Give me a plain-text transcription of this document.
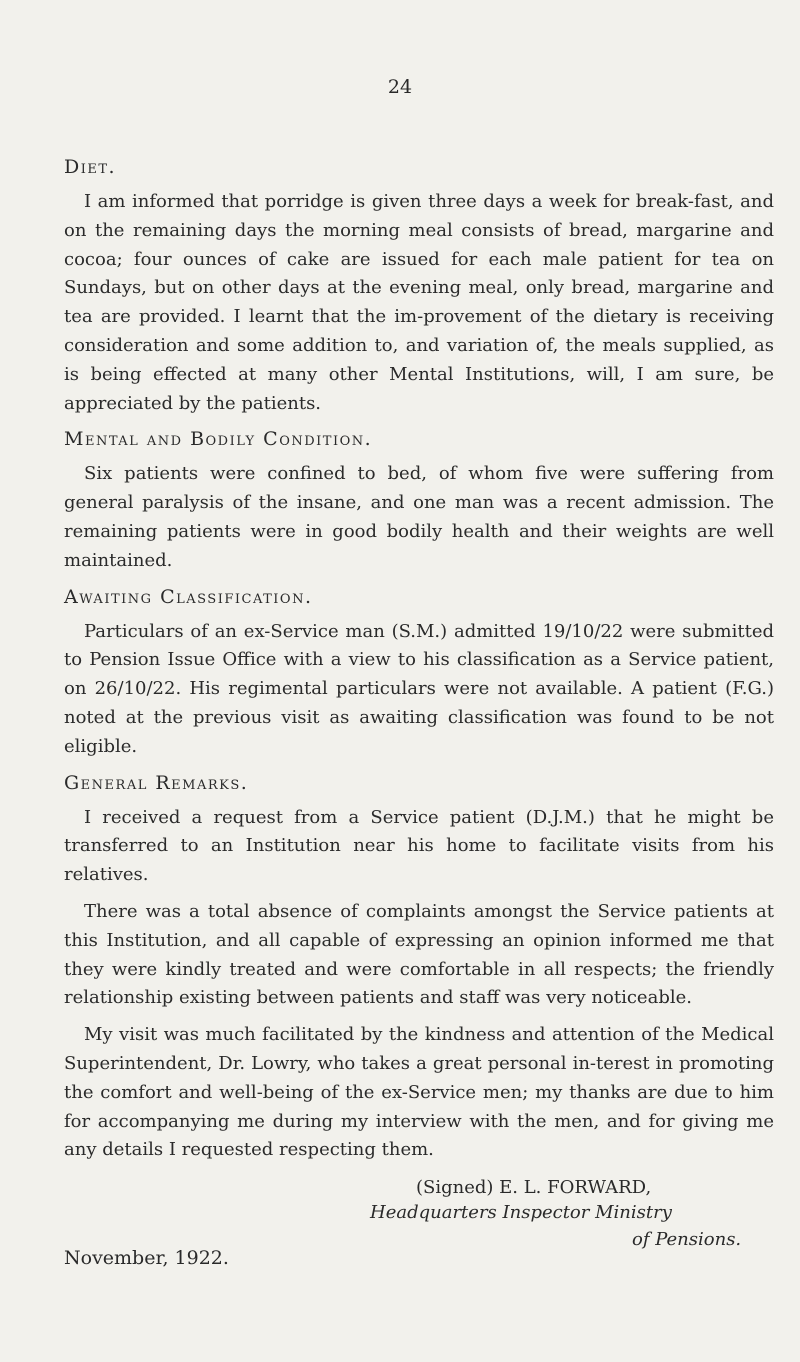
24
Diet.

I am informed that porridge is given three days a week for break-fast, and on the remaining days the morning meal consists of bread, margarine and cocoa; four ounces of cake are issued for each male patient for tea on Sundays, but on other days at the evening meal, only bread, margarine and tea are provided. I learnt that the im-provement of the dietary is receiving consideration and some addition to, and variation of, the meals supplied, as is being effected at many other Mental Institutions, will, I am sure, be appreciated by the patients.

Mental and Bodily Condition.

Six patients were confined to bed, of whom five were suffering from general paralysis of the insane, and one man was a recent admission. The remaining patients were in good bodily health and their weights are well maintained.

Awaiting Classification.

Particulars of an ex-Service man (S.M.) admitted 19/10/22 were submitted to Pension Issue Office with a view to his classification as a Service patient, on 26/10/22. His regimental particulars were not available. A patient (F.G.) noted at the previous visit as awaiting classification was found to be not eligible.

General Remarks.

I received a request from a Service patient (D.J.M.) that he might be transferred to an Institution near his home to facilitate visits from his relatives.

There was a total absence of complaints amongst the Service patients at this Institution, and all capable of expressing an opinion informed me that they were kindly treated and were comfortable in all respects; the friendly relationship existing between patients and staff was very noticeable.

My visit was much facilitated by the kindness and attention of the Medical Superintendent, Dr. Lowry, who takes a great personal in-terest in promoting the comfort and well-being of the ex-Service men; my thanks are due to him for accompanying me during my interview with the men, and for giving me any details I requested respecting them.

(Signed) E. L. FORWARD,
Headquarters Inspector Ministry
of Pensions.
November, 1922.
